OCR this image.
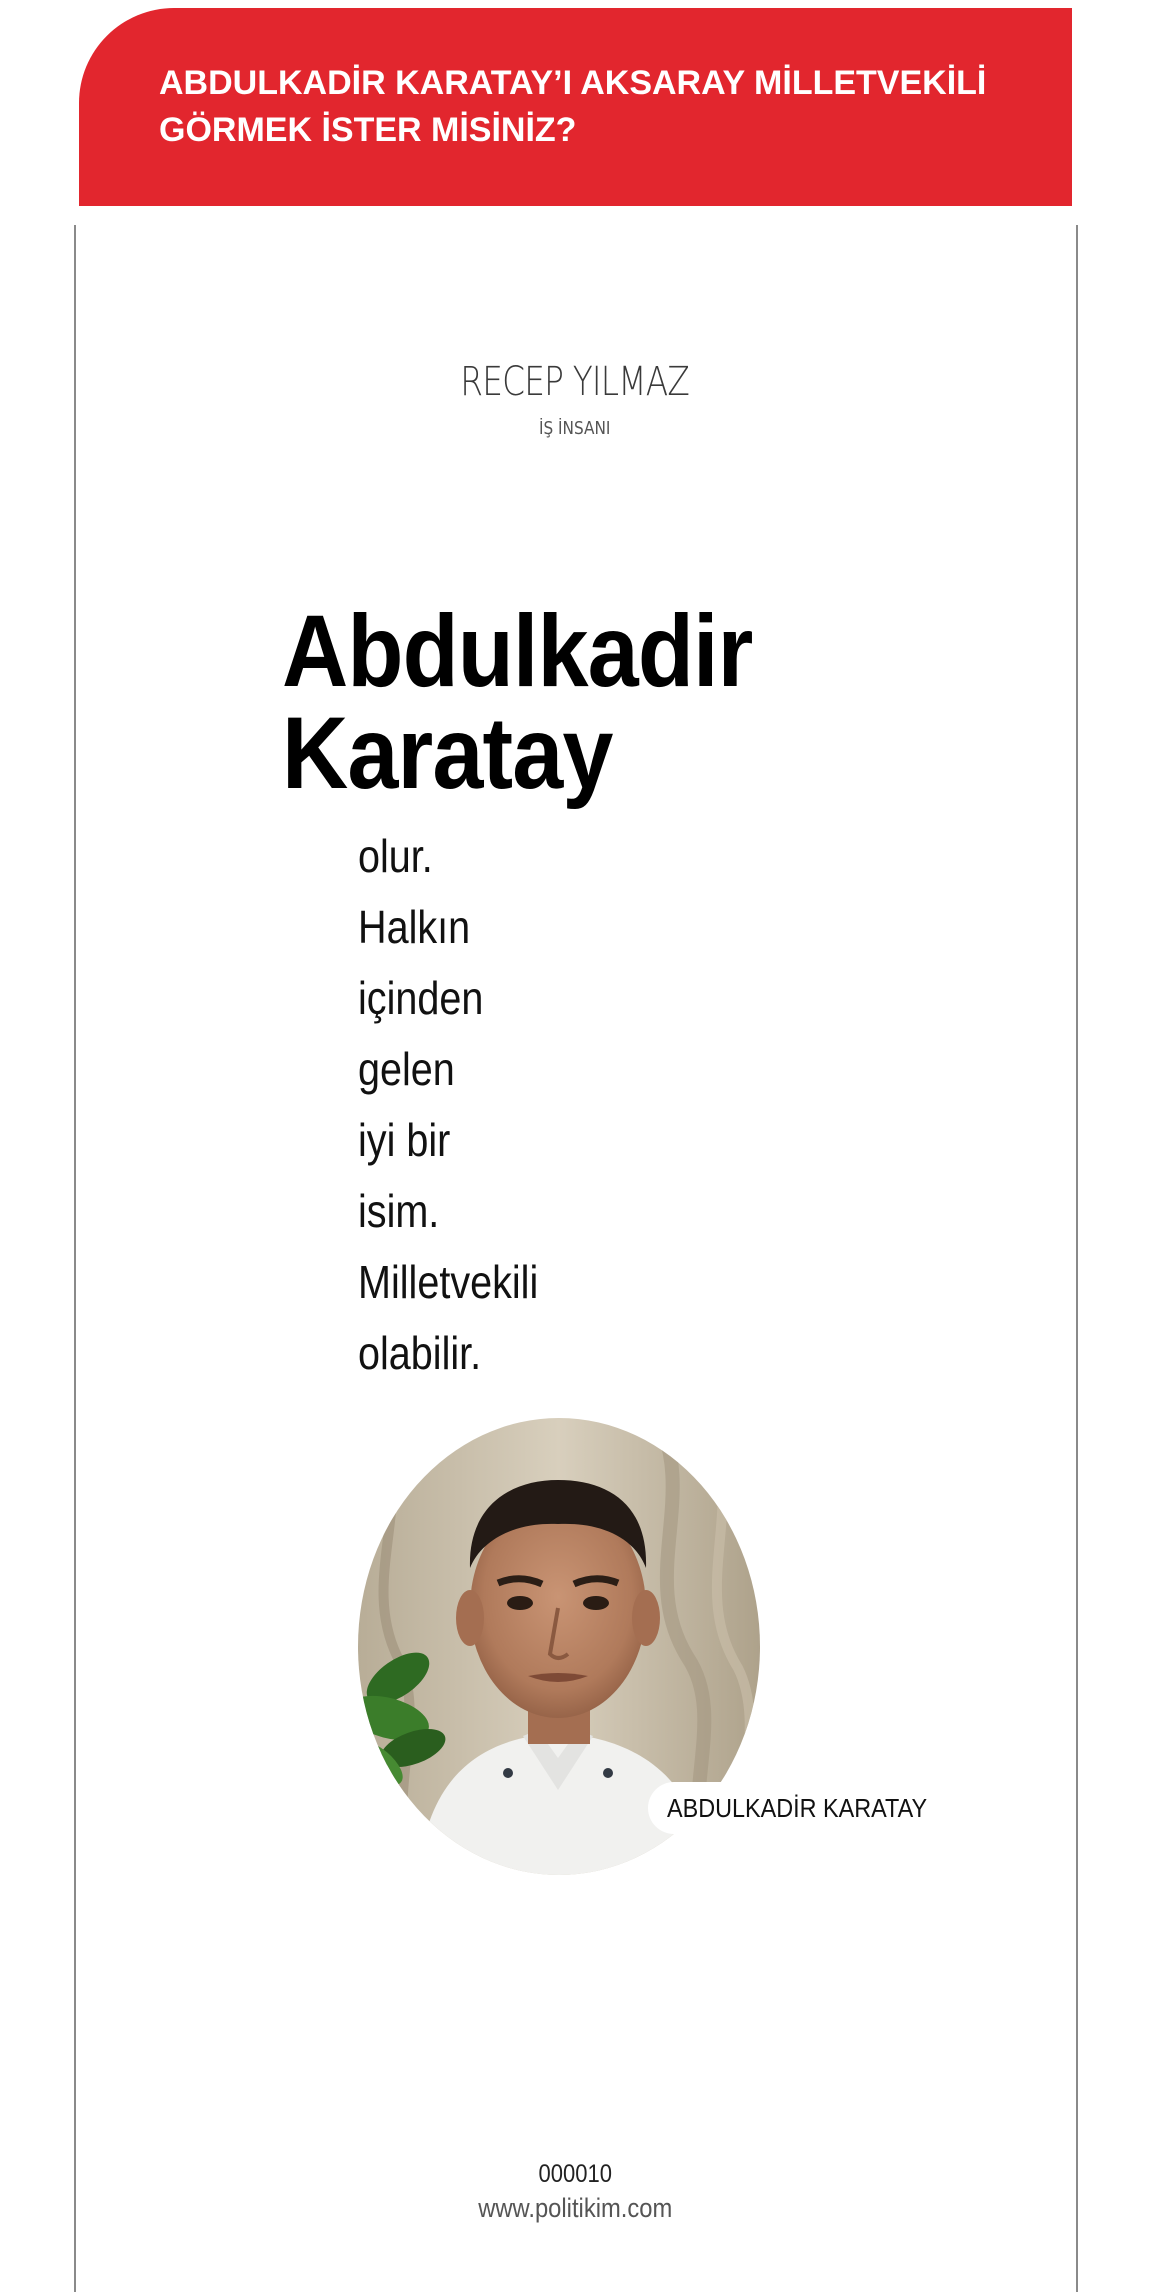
ABDULKADİR KARATAY’I AKSARAY MİLLETVEKİLİ GÖRMEK İSTER MİSİNİZ?
RECEP YILMAZ
İŞ İNSANI
Abdulkadir
Karatay
olur.
Halkın
içinden
gelen
iyi bir
isim.
Milletvekili
olabilir.
ABDULKADİR KARATAY
000010
www.politikim.com
